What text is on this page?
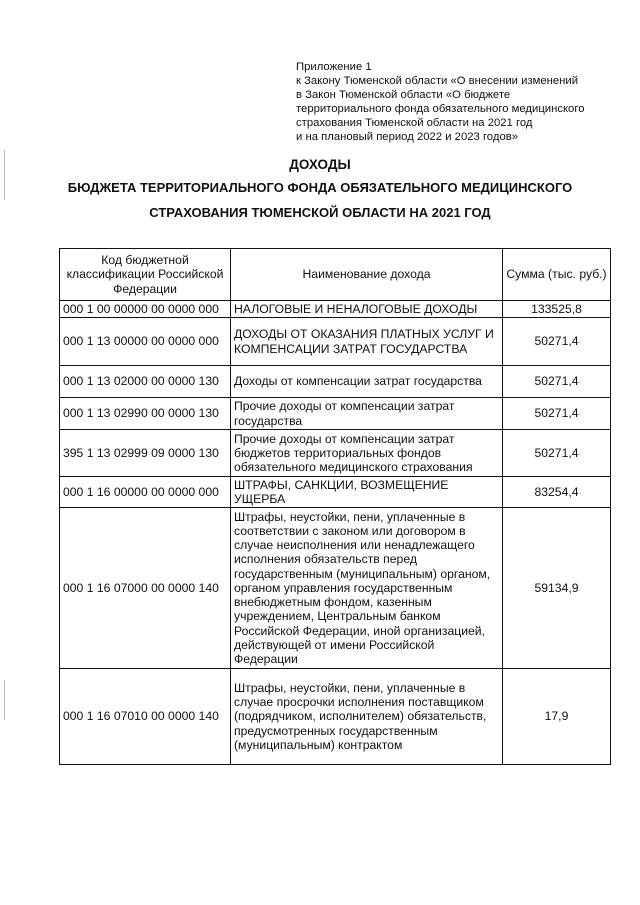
Приложение 1
к Закону Тюменской области «О внесении изменений
в Закон Тюменской области «О бюджете
территориального фонда обязательного медицинского
страхования Тюменской области на 2021 год
и на плановый период 2022 и 2023 годов»
ДОХОДЫ
БЮДЖЕТА ТЕРРИТОРИАЛЬНОГО ФОНДА ОБЯЗАТЕЛЬНОГО МЕДИЦИНСКОГО
СТРАХОВАНИЯ ТЮМЕНСКОЙ ОБЛАСТИ НА 2021 ГОД
Код бюджетной классификации Российской Федерации	Наименование дохода	Сумма (тыс. руб.)
000 1 00 00000 00 0000 000	НАЛОГОВЫЕ И НЕНАЛОГОВЫЕ ДОХОДЫ	133525,8
000 1 13 00000 00 0000 000	ДОХОДЫ ОТ ОКАЗАНИЯ ПЛАТНЫХ УСЛУГ И КОМПЕНСАЦИИ ЗАТРАТ ГОСУДАРСТВА	50271,4
000 1 13 02000 00 0000 130	Доходы от компенсации затрат государства	50271,4
000 1 13 02990 00 0000 130	Прочие доходы от компенсации затрат государства	50271,4
395 1 13 02999 09 0000 130	Прочие доходы от компенсации затрат бюджетов территориальных фондов обязательного медицинского страхования	50271,4
000 1 16 00000 00 0000 000	ШТРАФЫ, САНКЦИИ, ВОЗМЕЩЕНИЕ УЩЕРБА	83254,4
000 1 16 07000 00 0000 140	Штрафы, неустойки, пени, уплаченные в соответствии с законом или договором в случае неисполнения или ненадлежащего исполнения обязательств перед государственным (муниципальным) органом, органом управления государственным внебюджетным фондом, казенным учреждением, Центральным банком Российской Федерации, иной организацией, действующей от имени Российской Федерации	59134,9
000 1 16 07010 00 0000 140	Штрафы, неустойки, пени, уплаченные в случае просрочки исполнения поставщиком (подрядчиком, исполнителем) обязательств, предусмотренных государственным (муниципальным) контрактом	17,9
